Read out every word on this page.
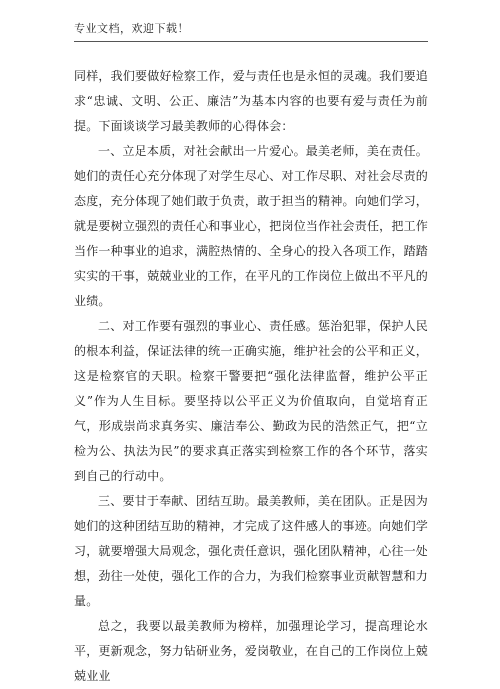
专业文档，欢迎下载！

同样，我们要做好检察工作，爱与责任也是永恒的灵魂。我们要追求“忠诚、文明、公正、廉洁”为基本内容的也要有爱与责任为前提。下面谈谈学习最美教师的心得体会：

一、立足本质，对社会献出一片爱心。最美老师，美在责任。她们的责任心充分体现了对学生尽心、对工作尽职、对社会尽责的态度，充分体现了她们敢于负责，敢于担当的精神。向她们学习，就是要树立强烈的责任心和事业心，把岗位当作社会责任，把工作当作一种事业的追求，满腔热情的、全身心的投入各项工作，踏踏实实的干事，兢兢业业的工作，在平凡的工作岗位上做出不平凡的业绩。

二、对工作要有强烈的事业心、责任感。惩治犯罪，保护人民的根本利益，保证法律的统一正确实施，维护社会的公平和正义，这是检察官的天职。检察干警要把“强化法律监督，维护公平正义”作为人生目标。要坚持以公平正义为价值取向，自觉培育正气，形成崇尚求真务实、廉洁奉公、勤政为民的浩然正气，把“立检为公、执法为民”的要求真正落实到检察工作的各个环节，落实到自己的行动中。

三、要甘于奉献、团结互助。最美教师，美在团队。正是因为她们的这种团结互助的精神，才完成了这件感人的事迹。向她们学习，就要增强大局观念，强化责任意识，强化团队精神，心往一处想，劲往一处使，强化工作的合力，为我们检察事业贡献智慧和力量。

总之，我要以最美教师为榜样，加强理论学习，提高理论水平，更新观念，努力钻研业务，爱岗敬业，在自己的工作岗位上兢兢业业
